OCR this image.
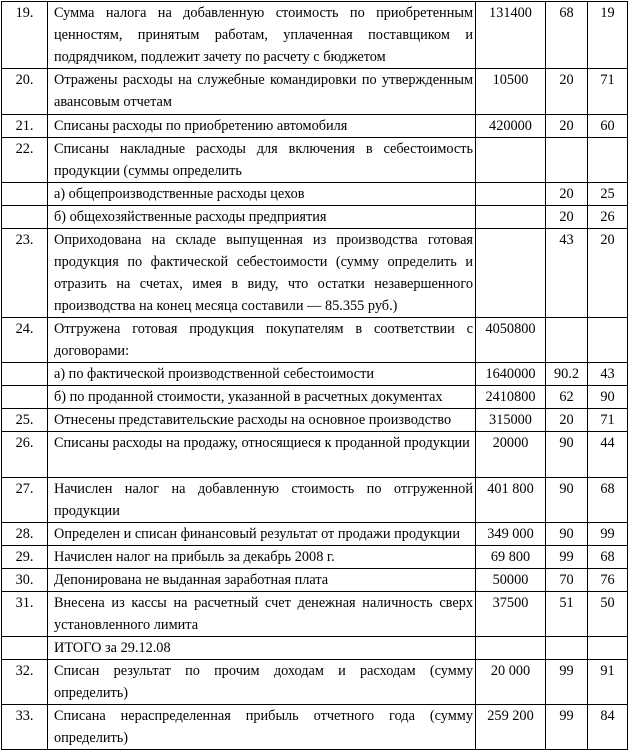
19.	Сумма налога на добавленную стоимость по приобретенным ценностям, принятым работам, уплаченная поставщиком и подрядчиком, подлежит зачету по расчету с бюджетом	131400	68	19
20.	Отражены расходы на служебные командировки по утвержденным авансовым отчетам	10500	20	71
21.	Списаны расходы по приобретению автомобиля	420000	20	60
22.	Списаны накладные расходы для включения в себестоимость продукции (суммы определить			
	а) общепроизводственные расходы цехов		20	25
	б) общехозяйственные расходы предприятия		20	26
23.	Оприходована на складе выпущенная из производства готовая продукция по фактической себестоимости (сумму определить и отразить на счетах, имея в виду, что остатки незавершенного производства на конец месяца составили — 85.355 руб.)		43	20
24.	Отгружена готовая продукция покупателям в соответствии с договорами:	4050800		
	а) по фактической производственной себестоимости	1640000	90.2	43
	б) по проданной стоимости, указанной в расчетных документах	2410800	62	90
25.	Отнесены представительские расходы на основное производство	315000	20	71
26.	Списаны расходы на продажу, относящиеся к проданной продукции	20000	90	44
27.	Начислен налог на добавленную стоимость по отгруженной продукции	401 800	90	68
28.	Определен и списан финансовый результат от продажи продукции	349 000	90	99
29.	Начислен налог на прибыль за декабрь 2008 г.	69 800	99	68
30.	Депонирована не выданная заработная плата	50000	70	76
31.	Внесена из кассы на расчетный счет денежная наличность сверх установленного лимита	37500	51	50
	ИТОГО за 29.12.08			
32.	Списан результат по прочим доходам и расходам (сумму определить)	20 000	99	91
33.	Списана нераспределенная прибыль отчетного года (сумму определить)	259 200	99	84
